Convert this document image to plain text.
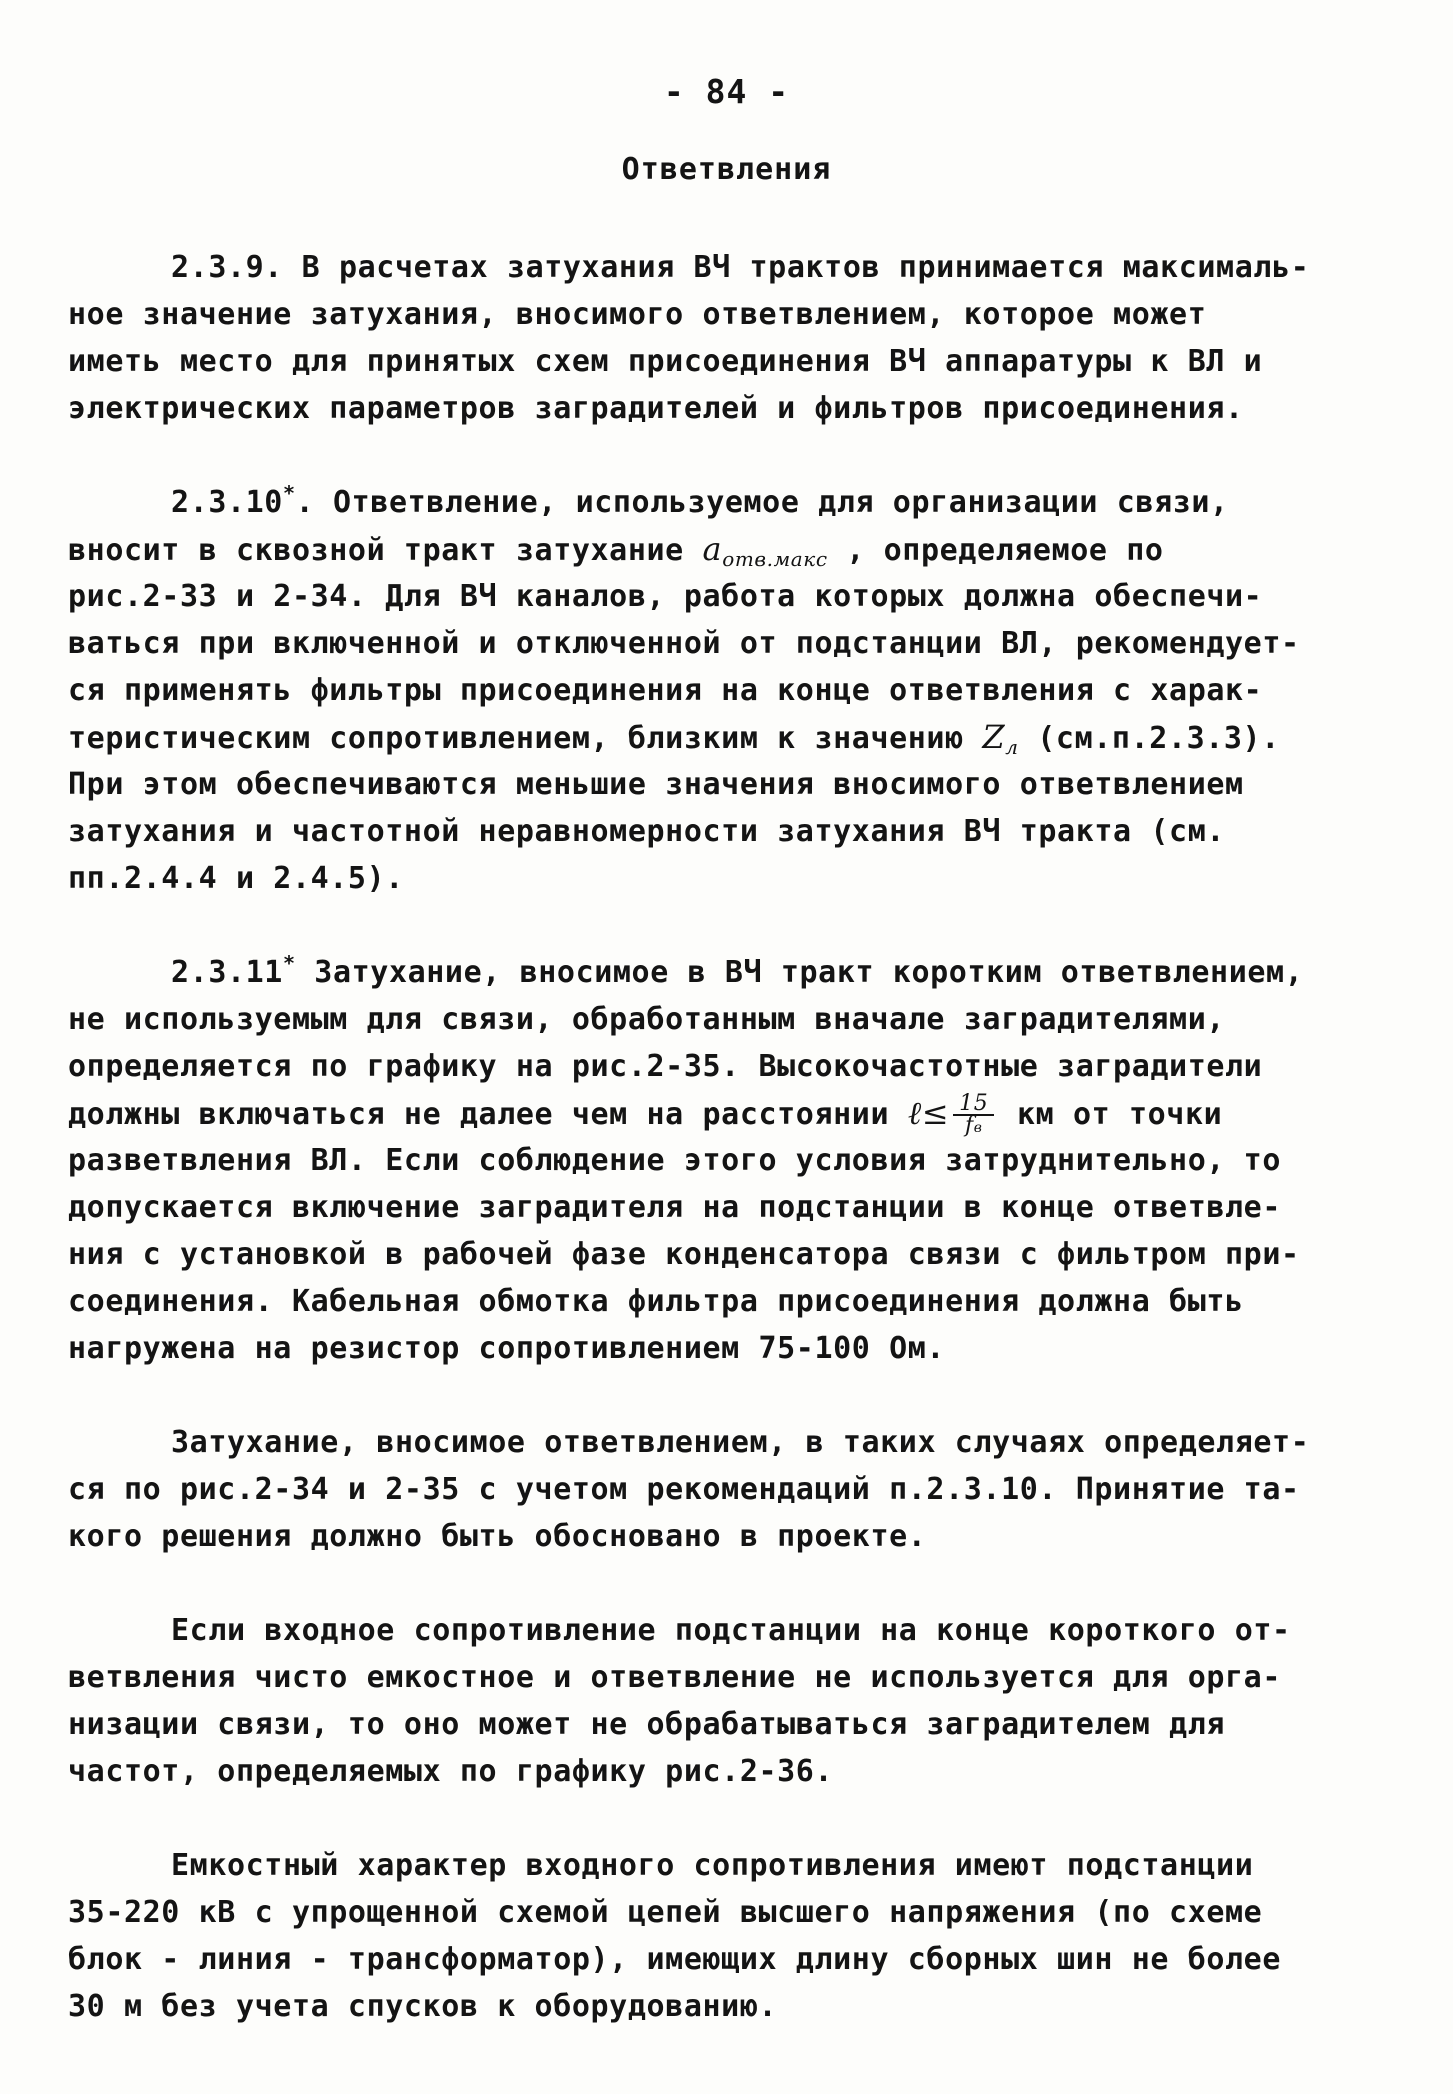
- 84 -
Ответвления
2.3.9. В расчетах затухания ВЧ трактов принимается максималь-
ное значение затухания, вносимого ответвлением, которое может
иметь место для принятых схем присоединения ВЧ аппаратуры к ВЛ и
электрических параметров заградителей и фильтров присоединения.
2.3.10*. Ответвление, используемое для организации связи,
вносит в сквозной тракт затухание aотв.макс , определяемое по
рис.2-33 и 2-34. Для ВЧ каналов, работа которых должна обеспечи-
ваться при включенной и отключенной от подстанции ВЛ, рекомендует-
ся применять фильтры присоединения на конце ответвления с харак-
теристическим сопротивлением, близким к значению Zл (см.п.2.3.3).
При этом обеспечиваются меньшие значения вносимого ответвлением
затухания и частотной неравномерности затухания ВЧ тракта (см.
пп.2.4.4 и 2.4.5).
2.3.11* Затухание, вносимое в ВЧ тракт коротким ответвлением,
не используемым для связи, обработанным вначале заградителями,
определяется по графику на рис.2-35. Высокочастотные заградители
должны включаться не далее чем на расстоянии ℓ≤ $\frac{15}{fв}$ км от точки
разветвления ВЛ. Если соблюдение этого условия затруднительно, то
допускается включение заградителя на подстанции в конце ответвле-
ния с установкой в рабочей фазе конденсатора связи с фильтром при-
соединения. Кабельная обмотка фильтра присоединения должна быть
нагружена на резистор сопротивлением 75-100 Ом.
Затухание, вносимое ответвлением, в таких случаях определяет-
ся по рис.2-34 и 2-35 с учетом рекомендаций п.2.3.10. Принятие та-
кого решения должно быть обосновано в проекте.
Если входное сопротивление подстанции на конце короткого от-
ветвления чисто емкостное и ответвление не используется для орга-
низации связи, то оно может не обрабатываться заградителем для
частот, определяемых по графику рис.2-36.
Емкостный характер входного сопротивления имеют подстанции
35-220 кВ с упрощенной схемой цепей высшего напряжения (по схеме
блок - линия - трансформатор), имеющих длину сборных шин не более
30 м без учета спусков к оборудованию.
